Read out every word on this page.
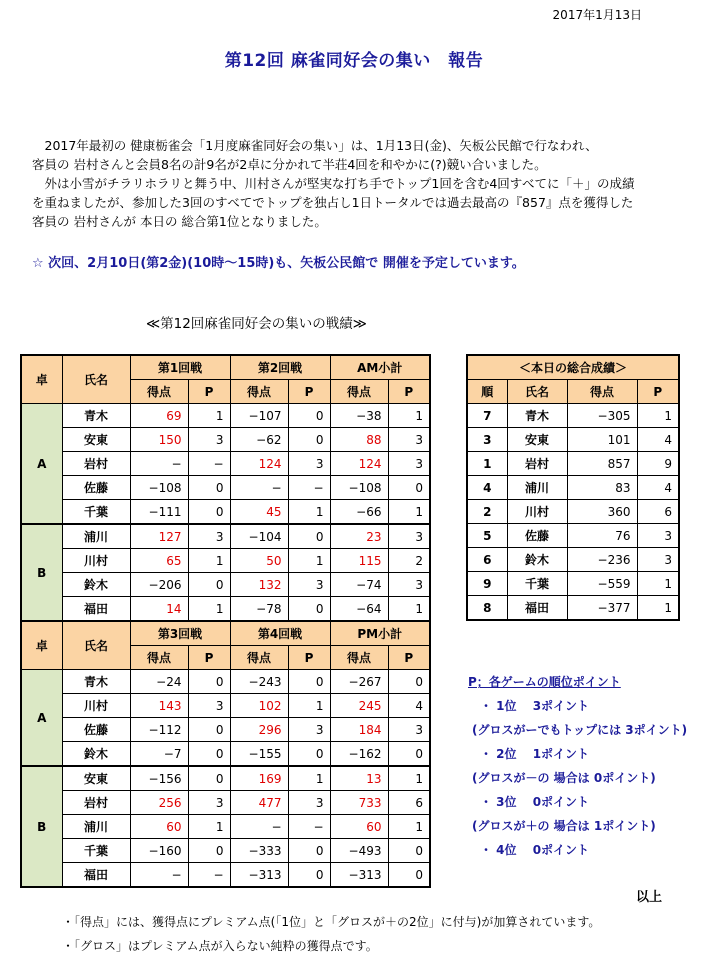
2017年1月13日
第12回 麻雀同好会の集い　報告

　2017年最初の 健康栃雀会「1月度麻雀同好会の集い」は、1月13日(金)、矢板公民館で行なわれ、

客員の 岩村さんと会員8名の計9名が2卓に分かれて半荘4回を和やかに(?)競い合いました。

　外は小雪がチラリホラリと舞う中、川村さんが堅実な打ち手でトップ1回を含む4回すべてに「＋」の成績

を重ねましたが、参加した3回のすべてでトップを独占し1日トータルでは過去最高の『857』点を獲得した

客員の 岩村さんが 本日の 総合第1位となりました。

☆ 次回、2月10日(第2金)(10時～15時)も、矢板公民館で 開催を予定しています。
≪第12回麻雀同好会の集いの戦績≫
卓	氏名	第1回戦		第2回戦		AM小計	
		得点	P	得点	P	得点	P
A	青木	69	1	−107	0	−38	1
	安東	150	3	−62	0	88	3
	岩村	−	−	124	3	124	3
	佐藤	−108	0	−	−	−108	0
	千葉	−111	0	45	1	−66	1
B	浦川	127	3	−104	0	23	3
	川村	65	1	50	1	115	2
	鈴木	−206	0	132	3	−74	3
	福田	14	1	−78	0	−64	1
卓	氏名	第3回戦		第4回戦		PM小計	
		得点	P	得点	P	得点	P
A	青木	−24	0	−243	0	−267	0
	川村	143	3	102	1	245	4
	佐藤	−112	0	296	3	184	3
	鈴木	−7	0	−155	0	−162	0
B	安東	−156	0	169	1	13	1
	岩村	256	3	477	3	733	6
	浦川	60	1	−	−	60	1
	千葉	−160	0	−333	0	−493	0
	福田	−	−	−313	0	−313	0
＜本日の総合成績＞			
順	氏名	得点	P
7	青木	−305	1
3	安東	101	4
1	岩村	857	9
4	浦川	83	4
2	川村	360	6
5	佐藤	76	3
6	鈴木	−236	3
9	千葉	−559	1
8	福田	−377	1
P；各ゲームの順位ポイント
・ 1位　 3ポイント
(グロスがーでもトップには 3ポイント)
・ 2位　 1ポイント
(グロスが－の 場合は 0ポイント)
・ 3位　 0ポイント
(グロスが＋の 場合は 1ポイント)
・ 4位　 0ポイント
以上
・「得点」には、獲得点にプレミアム点(「1位」と「グロスが＋の2位」に付与)が加算されています。
・「グロス」はプレミアム点が入らない純粋の獲得点です。
